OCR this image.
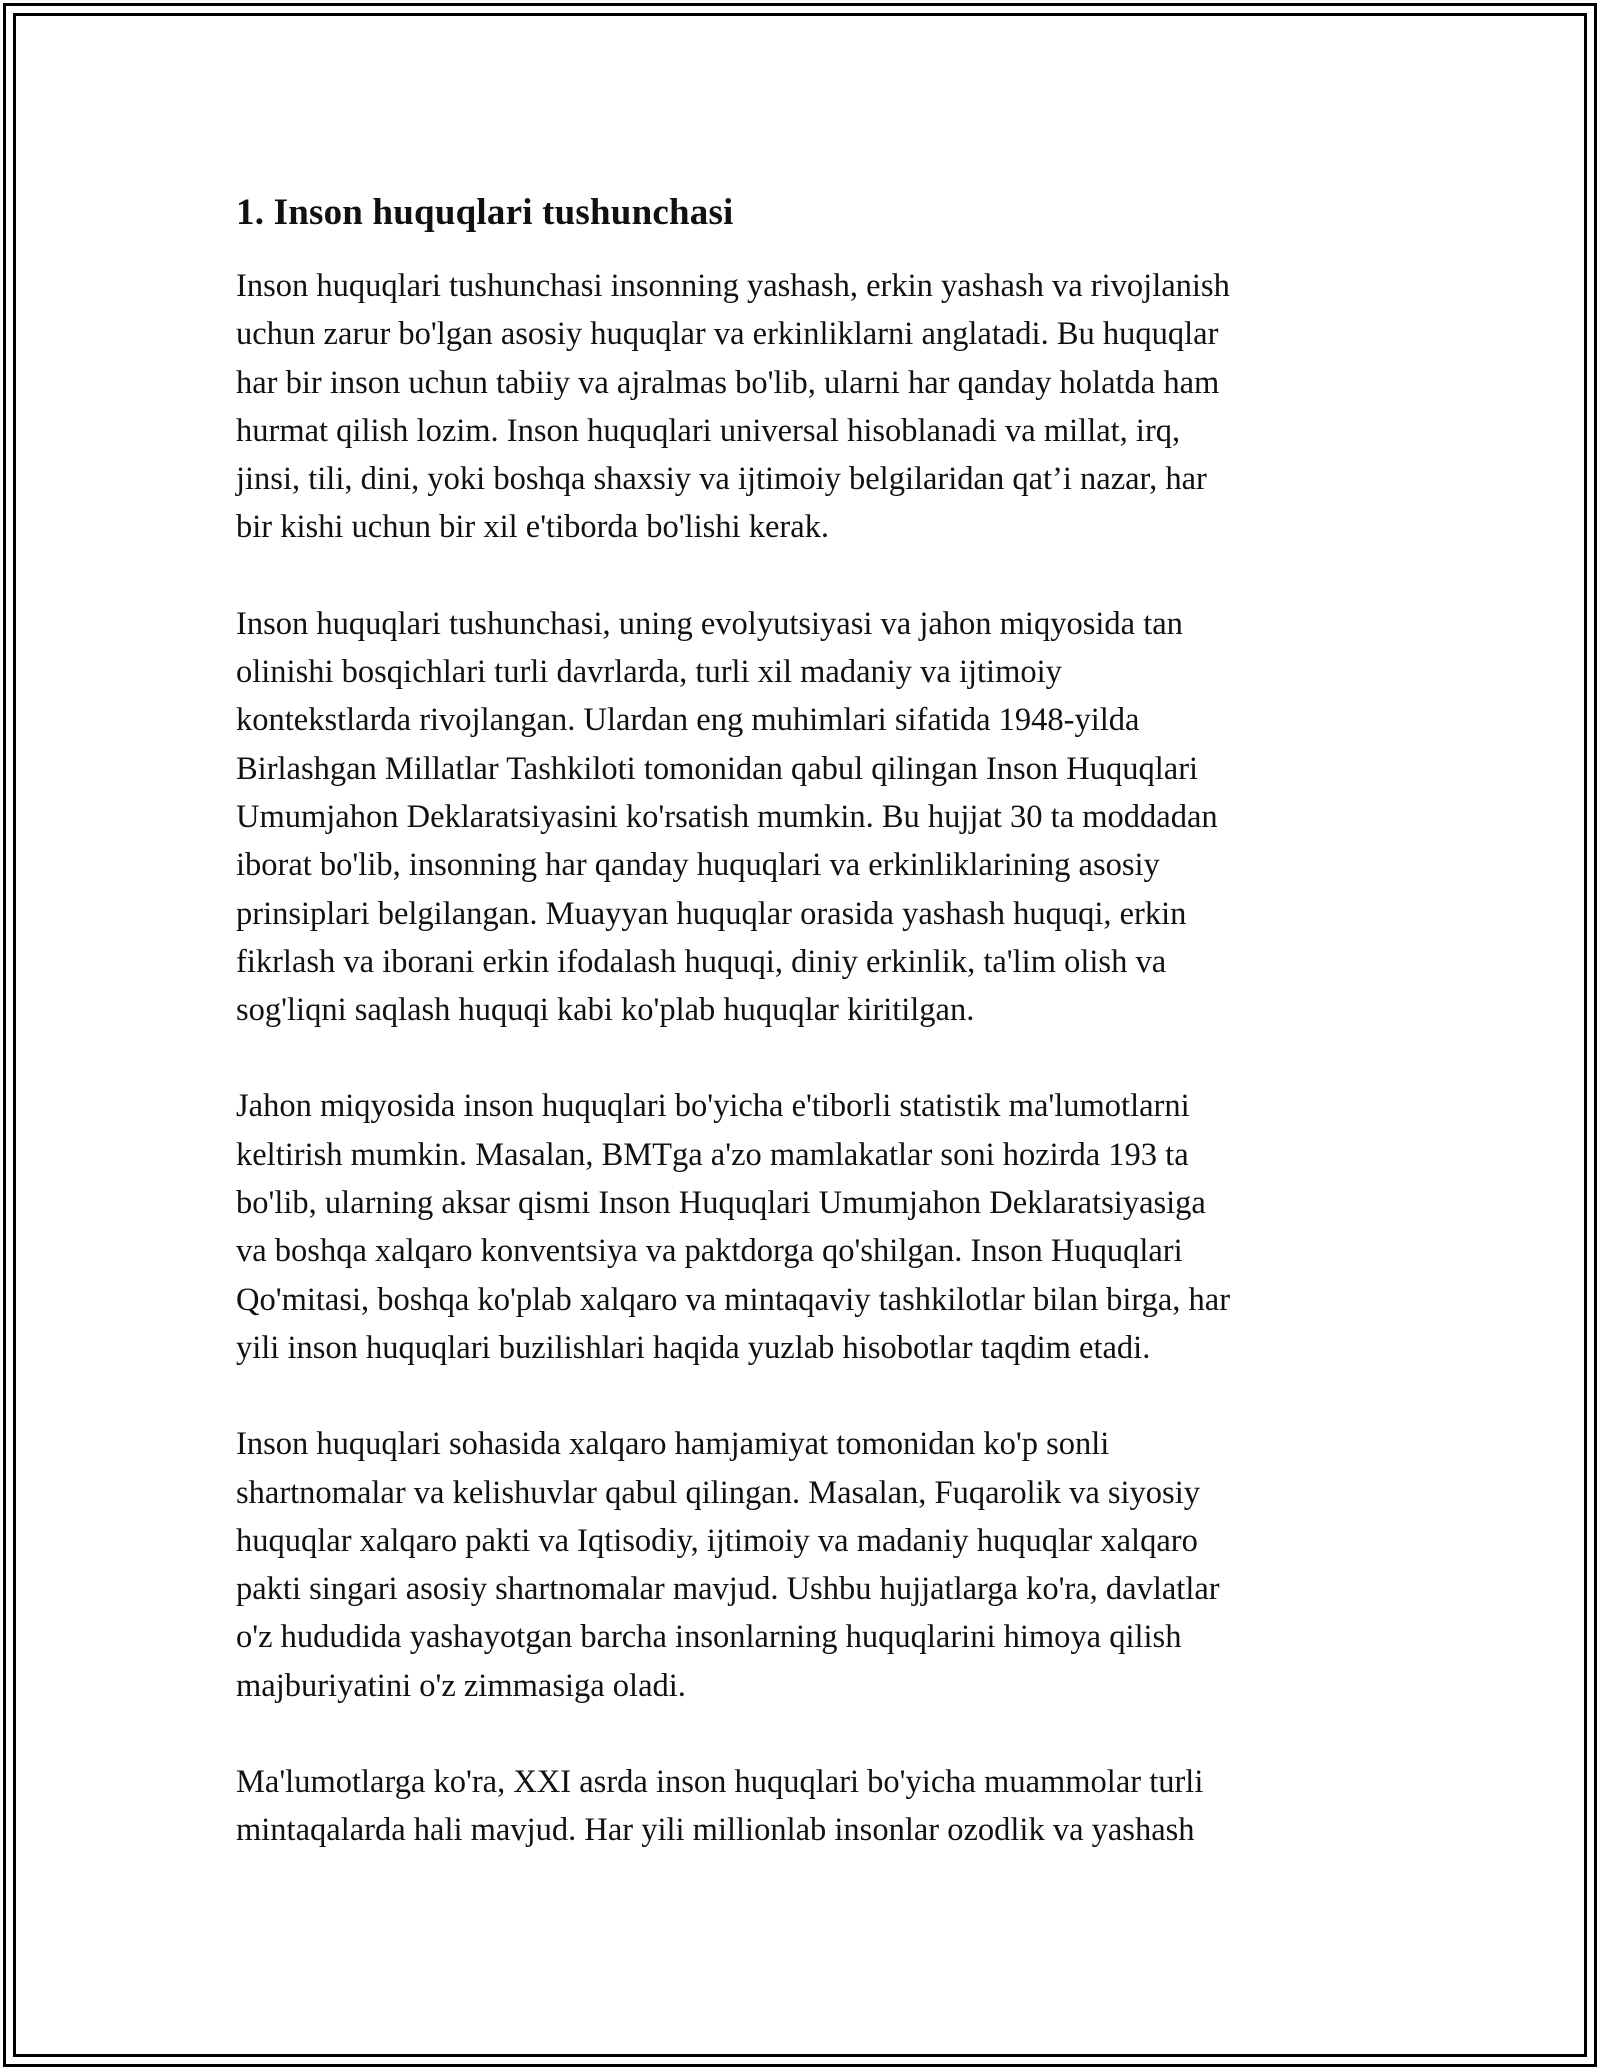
1. Inson huquqlari tushunchasi

Inson huquqlari tushunchasi insonning yashash, erkin yashash va rivojlanish
uchun zarur bo'lgan asosiy huquqlar va erkinliklarni anglatadi. Bu huquqlar
har bir inson uchun tabiiy va ajralmas bo'lib, ularni har qanday holatda ham
hurmat qilish lozim. Inson huquqlari universal hisoblanadi va millat, irq,
jinsi, tili, dini, yoki boshqa shaxsiy va ijtimoiy belgilaridan qat’i nazar, har
bir kishi uchun bir xil e'tiborda bo'lishi kerak.

Inson huquqlari tushunchasi, uning evolyutsiyasi va jahon miqyosida tan
olinishi bosqichlari turli davrlarda, turli xil madaniy va ijtimoiy
kontekstlarda rivojlangan. Ulardan eng muhimlari sifatida 1948-yilda
Birlashgan Millatlar Tashkiloti tomonidan qabul qilingan Inson Huquqlari
Umumjahon Deklaratsiyasini ko'rsatish mumkin. Bu hujjat 30 ta moddadan
iborat bo'lib, insonning har qanday huquqlari va erkinliklarining asosiy
prinsiplari belgilangan. Muayyan huquqlar orasida yashash huquqi, erkin
fikrlash va iborani erkin ifodalash huquqi, diniy erkinlik, ta'lim olish va
sog'liqni saqlash huquqi kabi ko'plab huquqlar kiritilgan.

Jahon miqyosida inson huquqlari bo'yicha e'tiborli statistik ma'lumotlarni
keltirish mumkin. Masalan, BMTga a'zo mamlakatlar soni hozirda 193 ta
bo'lib, ularning aksar qismi Inson Huquqlari Umumjahon Deklaratsiyasiga
va boshqa xalqaro konventsiya va paktdorga qo'shilgan. Inson Huquqlari
Qo'mitasi, boshqa ko'plab xalqaro va mintaqaviy tashkilotlar bilan birga, har
yili inson huquqlari buzilishlari haqida yuzlab hisobotlar taqdim etadi.

Inson huquqlari sohasida xalqaro hamjamiyat tomonidan ko'p sonli
shartnomalar va kelishuvlar qabul qilingan. Masalan, Fuqarolik va siyosiy
huquqlar xalqaro pakti va Iqtisodiy, ijtimoiy va madaniy huquqlar xalqaro
pakti singari asosiy shartnomalar mavjud. Ushbu hujjatlarga ko'ra, davlatlar
o'z hududida yashayotgan barcha insonlarning huquqlarini himoya qilish
majburiyatini o'z zimmasiga oladi.

Ma'lumotlarga ko'ra, XXI asrda inson huquqlari bo'yicha muammolar turli
mintaqalarda hali mavjud. Har yili millionlab insonlar ozodlik va yashash
